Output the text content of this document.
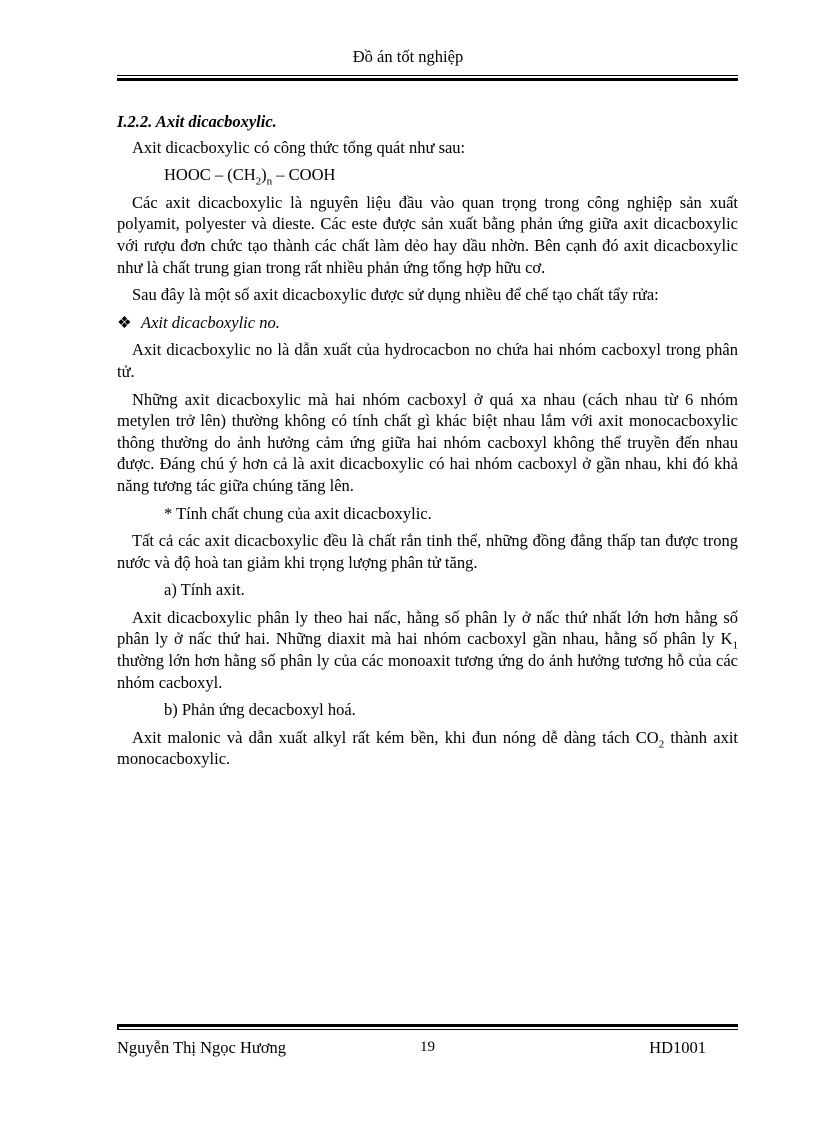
Đồ án tốt nghiệp

I.2.2. Axit dicacboxylic.

Axit dicacboxylic có công thức tổng quát như sau:

HOOC – $(CH_2)_n$ – COOH

Các axit dicacboxylic là nguyên liệu đầu vào quan trọng trong công nghiệp sản xuất polyamit, polyester và dieste. Các este được sản xuất bằng phản ứng giữa axit dicacboxylic với rượu đơn chức tạo thành các chất làm dẻo hay dầu nhờn. Bên cạnh đó axit dicacboxylic như là chất trung gian trong rất nhiều phản ứng tổng hợp hữu cơ.

Sau đây là một số axit dicacboxylic được sử dụng nhiều để chế tạo chất tẩy rửa:

❖ Axit dicacboxylic no.

Axit dicacboxylic no là dẫn xuất của hydrocacbon no chứa hai nhóm cacboxyl trong phân tử.

Những axit dicacboxylic mà hai nhóm cacboxyl ở quá xa nhau (cách nhau từ 6 nhóm metylen trở lên) thường không có tính chất gì khác biệt nhau lắm với axit monocacboxylic thông thường do ảnh hưởng cảm ứng giữa hai nhóm cacboxyl không thể truyền đến nhau được. Đáng chú ý hơn cả là axit dicacboxylic có hai nhóm cacboxyl ở gần nhau, khi đó khả năng tương tác giữa chúng tăng lên.

* Tính chất chung của axit dicacboxylic.

Tất cả các axit dicacboxylic đều là chất rắn tinh thể, những đồng đẳng thấp tan được trong nước và độ hoà tan giảm khi trọng lượng phân tử tăng.

a) Tính axit.

Axit dicacboxylic phân ly theo hai nấc, hằng số phân ly ở nấc thứ nhất lớn hơn hằng số phân ly ở nấc thứ hai. Những diaxit mà hai nhóm cacboxyl gần nhau, hằng số phân ly $K_1$ thường lớn hơn hằng số phân ly của các monoaxit tương ứng do ảnh hưởng tương hỗ của các nhóm cacboxyl.

b) Phản ứng decacboxyl hoá.

Axit malonic và dẫn xuất alkyl rất kém bền, khi đun nóng dễ dàng tách $CO_2$ thành axit monocacboxylic.

Nguyễn Thị Ngọc Hương	19	HD1001
